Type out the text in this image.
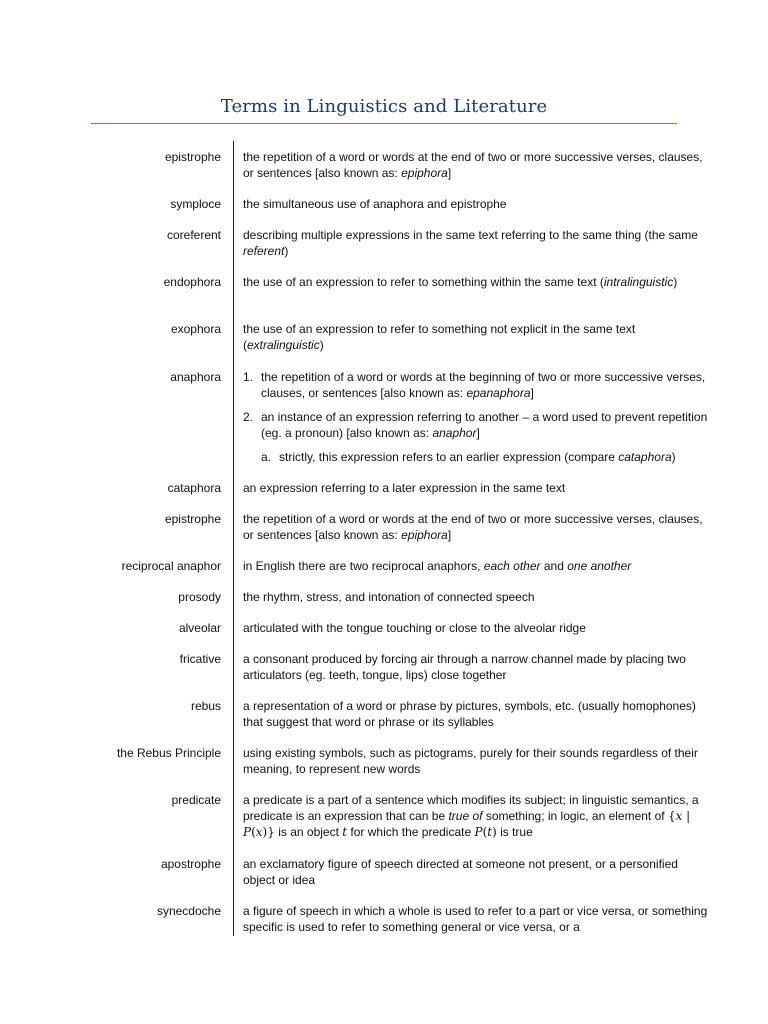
Terms in Linguistics and Literature
epistrophe the repetition of a word or words at the end of two or more successive verses, clauses, or sentences [also known as: epiphora]
symploce the simultaneous use of anaphora and epistrophe
coreferent describing multiple expressions in the same text referring to the same thing (the same referent)
endophora the use of an expression to refer to something within the same text (intralinguistic)
exophora the use of an expression to refer to something not explicit in the same text (extralinguistic)
anaphora 1. the repetition of a word or words at the beginning of two or more successive verses, clauses, or sentences [also known as: epanaphora]
2. an instance of an expression referring to another – a word used to prevent repetition (eg. a pronoun) [also known as: anaphor]
a. strictly, this expression refers to an earlier expression (compare cataphora)
cataphora an expression referring to a later expression in the same text
epistrophe the repetition of a word or words at the end of two or more successive verses, clauses, or sentences [also known as: epiphora]
reciprocal anaphor in English there are two reciprocal anaphors, each other and one another
prosody the rhythm, stress, and intonation of connected speech
alveolar articulated with the tongue touching or close to the alveolar ridge
fricative a consonant produced by forcing air through a narrow channel made by placing two articulators (eg. teeth, tongue, lips) close together
rebus a representation of a word or phrase by pictures, symbols, etc. (usually homophones) that suggest that word or phrase or its syllables
the Rebus Principle using existing symbols, such as pictograms, purely for their sounds regardless of their meaning, to represent new words
predicate a predicate is a part of a sentence which modifies its subject; in linguistic semantics, a predicate is an expression that can be true of something; in logic, an element of {x | P(x)} is an object t for which the predicate P(t) is true
apostrophe an exclamatory figure of speech directed at someone not present, or a personified object or idea
synecdoche a figure of speech in which a whole is used to refer to a part or vice versa, or something specific is used to refer to something general or vice versa, or a
